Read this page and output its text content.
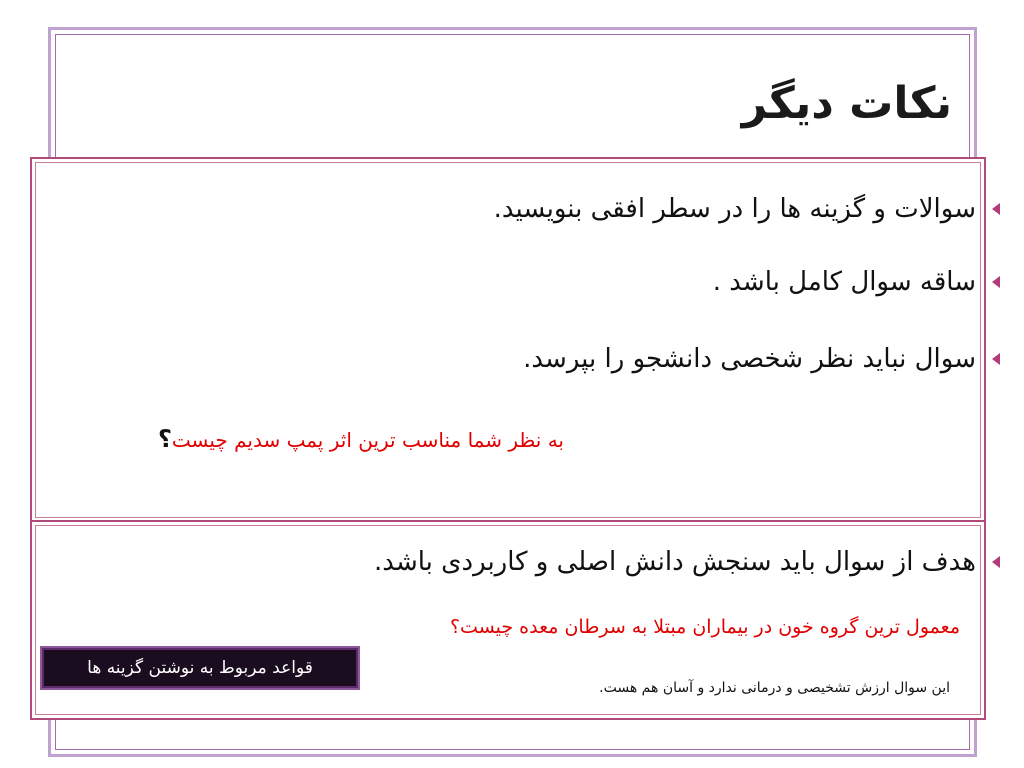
نکات دیگر
سوالات و گزینه ها را در سطر افقی بنویسید.
ساقه سوال کامل باشد .
سوال نباید نظر شخصی دانشجو را بپرسد.
به نظر شما مناسب ترین اثر پمپ سدیم چیست؟
هدف از سوال باید سنجش دانش اصلی و کاربردی باشد.
معمول ترین گروه خون در بیماران مبتلا به سرطان معده چیست؟
قواعد مربوط به نوشتن گزینه ها
این سوال ارزش تشخیصی و درمانی ندارد و آسان هم هست.
